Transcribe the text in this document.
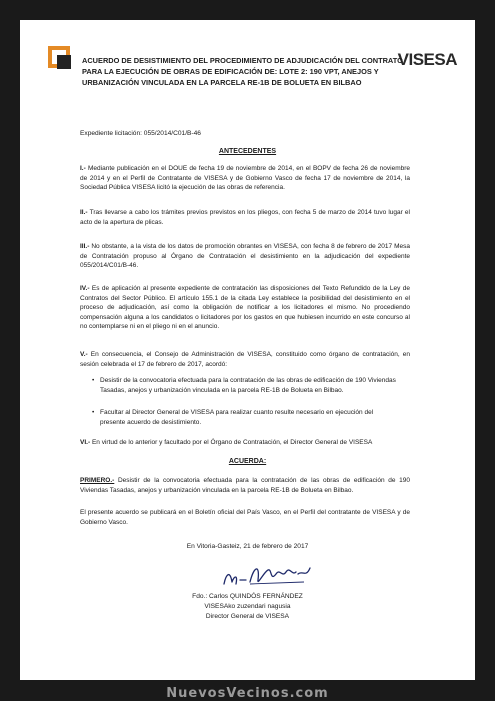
VISESA
ACUERDO DE DESISTIMIENTO DEL PROCEDIMIENTO DE ADJUDICACIÓN DEL CONTRATO PARA LA EJECUCIÓN DE OBRAS DE EDIFICACIÓN DE: LOTE 2: 190 VPT, ANEJOS Y URBANIZACIÓN VINCULADA EN LA PARCELA RE-1B DE BOLUETA EN BILBAO
Expediente licitación: 055/2014/C01/B-46
ANTECEDENTES
I.- Mediante publicación en el DOUE de fecha 19 de noviembre de 2014, en el BOPV de fecha 26 de noviembre de 2014 y en el Perfil de Contratante de VISESA y de Gobierno Vasco de fecha 17 de noviembre de 2014, la Sociedad Pública VISESA licitó la ejecución de las obras de referencia.
II.- Tras llevarse a cabo los trámites previos previstos en los pliegos, con fecha 5 de marzo de 2014 tuvo lugar el acto de la apertura de plicas.
III.- No obstante, a la vista de los datos de promoción obrantes en VISESA, con fecha 8 de febrero de 2017 Mesa de Contratación propuso al Órgano de Contratación el desistimiento en la adjudicación del expediente 055/2014/C01/B-46.
IV.- Es de aplicación al presente expediente de contratación las disposiciones del Texto Refundido de la Ley de Contratos del Sector Público. El artículo 155.1 de la citada Ley establece la posibilidad del desistimiento en el proceso de adjudicación, así como la obligación de notificar a los licitadores el mismo. No procediendo compensación alguna a los candidatos o licitadores por los gastos en que hubiesen incurrido en este concurso al no contemplarse ni en el pliego ni en el anuncio.
V.- En consecuencia, el Consejo de Administración de VISESA, constituido como órgano de contratación, en sesión celebrada el 17 de febrero de 2017, acordó:
• Desistir de la convocatoria efectuada para la contratación de las obras de edificación de 190 Viviendas Tasadas, anejos y urbanización vinculada en la parcela RE-1B de Bolueta en Bilbao.
• Facultar al Director General de VISESA para realizar cuanto resulte necesario en ejecución del presente acuerdo de desistimiento.
VI.- En virtud de lo anterior y facultado por el Órgano de Contratación, el Director General de VISESA
ACUERDA:
PRIMERO.- Desistir de la convocatoria efectuada para la contratación de las obras de edificación de 190 Viviendas Tasadas, anejos y urbanización vinculada en la parcela RE-1B de Bolueta en Bilbao.
El presente acuerdo se publicará en el Boletín oficial del País Vasco, en el Perfil del contratante de VISESA y de Gobierno Vasco.
En Vitoria-Gasteiz, 21 de febrero de 2017
Fdo.: Carlos QUINDÓS FERNÁNDEZ
VISESAko zuzendari nagusia
Director General de VISESA
NuevosVecinos.com
